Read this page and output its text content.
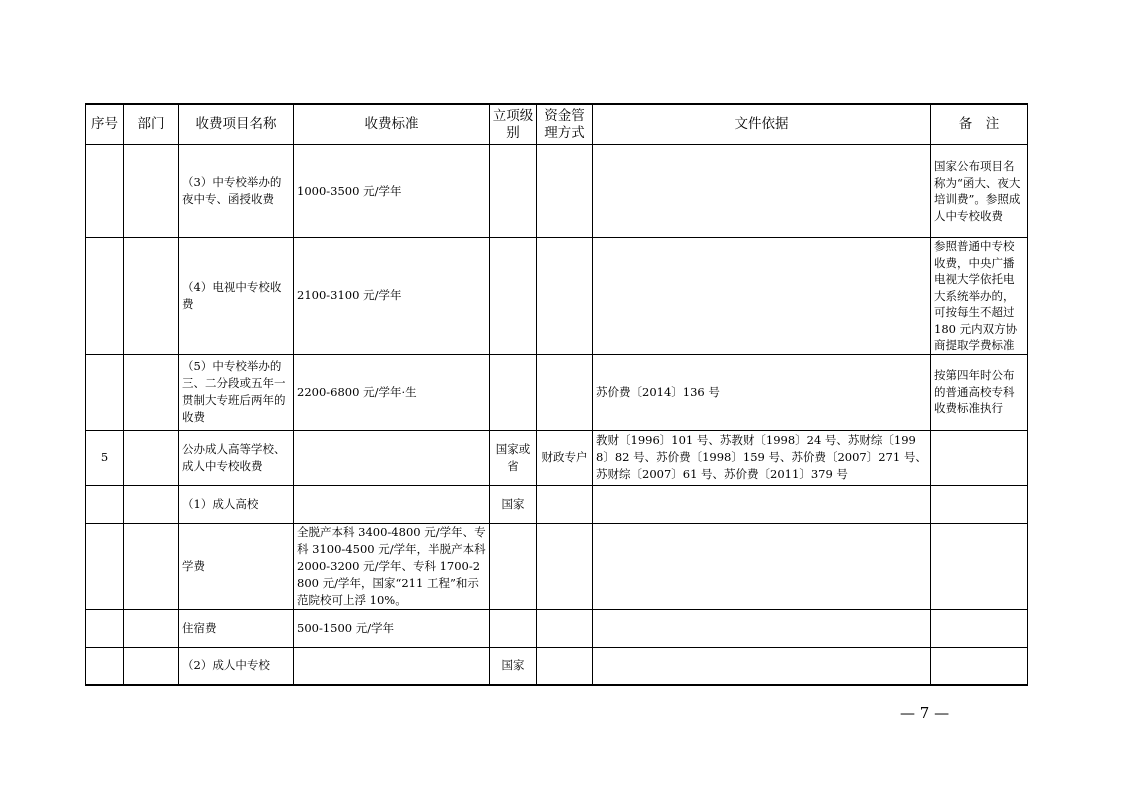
序号	部门	收费项目名称	收费标准	立项级别	资金管理方式	文件依据	备　注
		（3）中专校举办的夜中专、函授收费	1000-3500 元/学年				国家公布项目名称为“函大、夜大培训费”。参照成人中专校收费
		（4）电视中专校收费	2100-3100 元/学年				参照普通中专校收费，中央广播电视大学依托电大系统举办的，可按每生不超过 180 元内双方协商提取学费标准
		（5）中专校举办的三、二分段或五年一贯制大专班后两年的收费	2200-6800 元/学年·生			苏价费〔2014〕136 号	按第四年时公布的普通高校专科收费标准执行
5		公办成人高等学校、成人中专校收费		国家或省	财政专户	教财〔1996〕101 号、苏教财〔1998〕24 号、苏财综〔1998〕82 号、苏价费〔1998〕159 号、苏价费〔2007〕271 号、苏财综〔2007〕61 号、苏价费〔2011〕379 号	
		（1）成人高校		国家			
		学费	全脱产本科 3400-4800 元/学年、专科 3100-4500 元/学年，半脱产本科 2000-3200 元/学年、专科 1700-2800 元/学年，国家“211 工程”和示范院校可上浮 10%。				
		住宿费	500-1500 元/学年				
		（2）成人中专校		国家			
— 7 —
